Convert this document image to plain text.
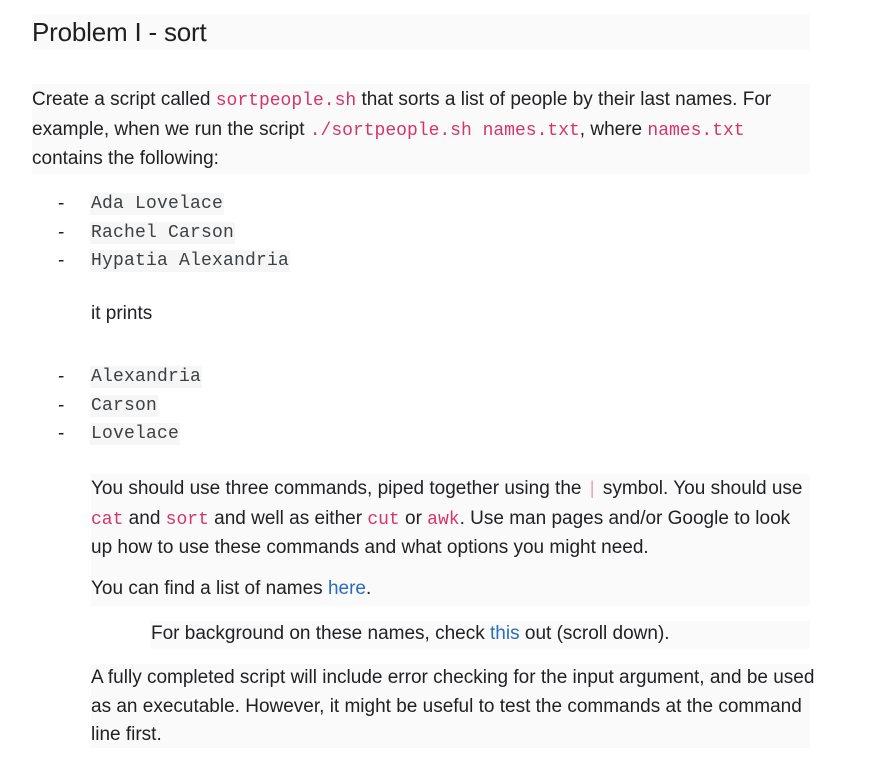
Problem I - sort

Create a script called sortpeople.sh that sorts a list of people by their last names. For example, when we run the script ./sortpeople.sh names.txt, where names.txt contains the following:

-	Ada Lovelace
-	Rachel Carson
-	Hypatia Alexandria

it prints

-	Alexandria
-	Carson
-	Lovelace

You should use three commands, piped together using the | symbol. You should use cat and sort and well as either cut or awk. Use man pages and/or Google to look up how to use these commands and what options you might need.

You can find a list of names here.

For background on these names, check this out (scroll down).

A fully completed script will include error checking for the input argument, and be used as an executable. However, it might be useful to test the commands at the command line first.
